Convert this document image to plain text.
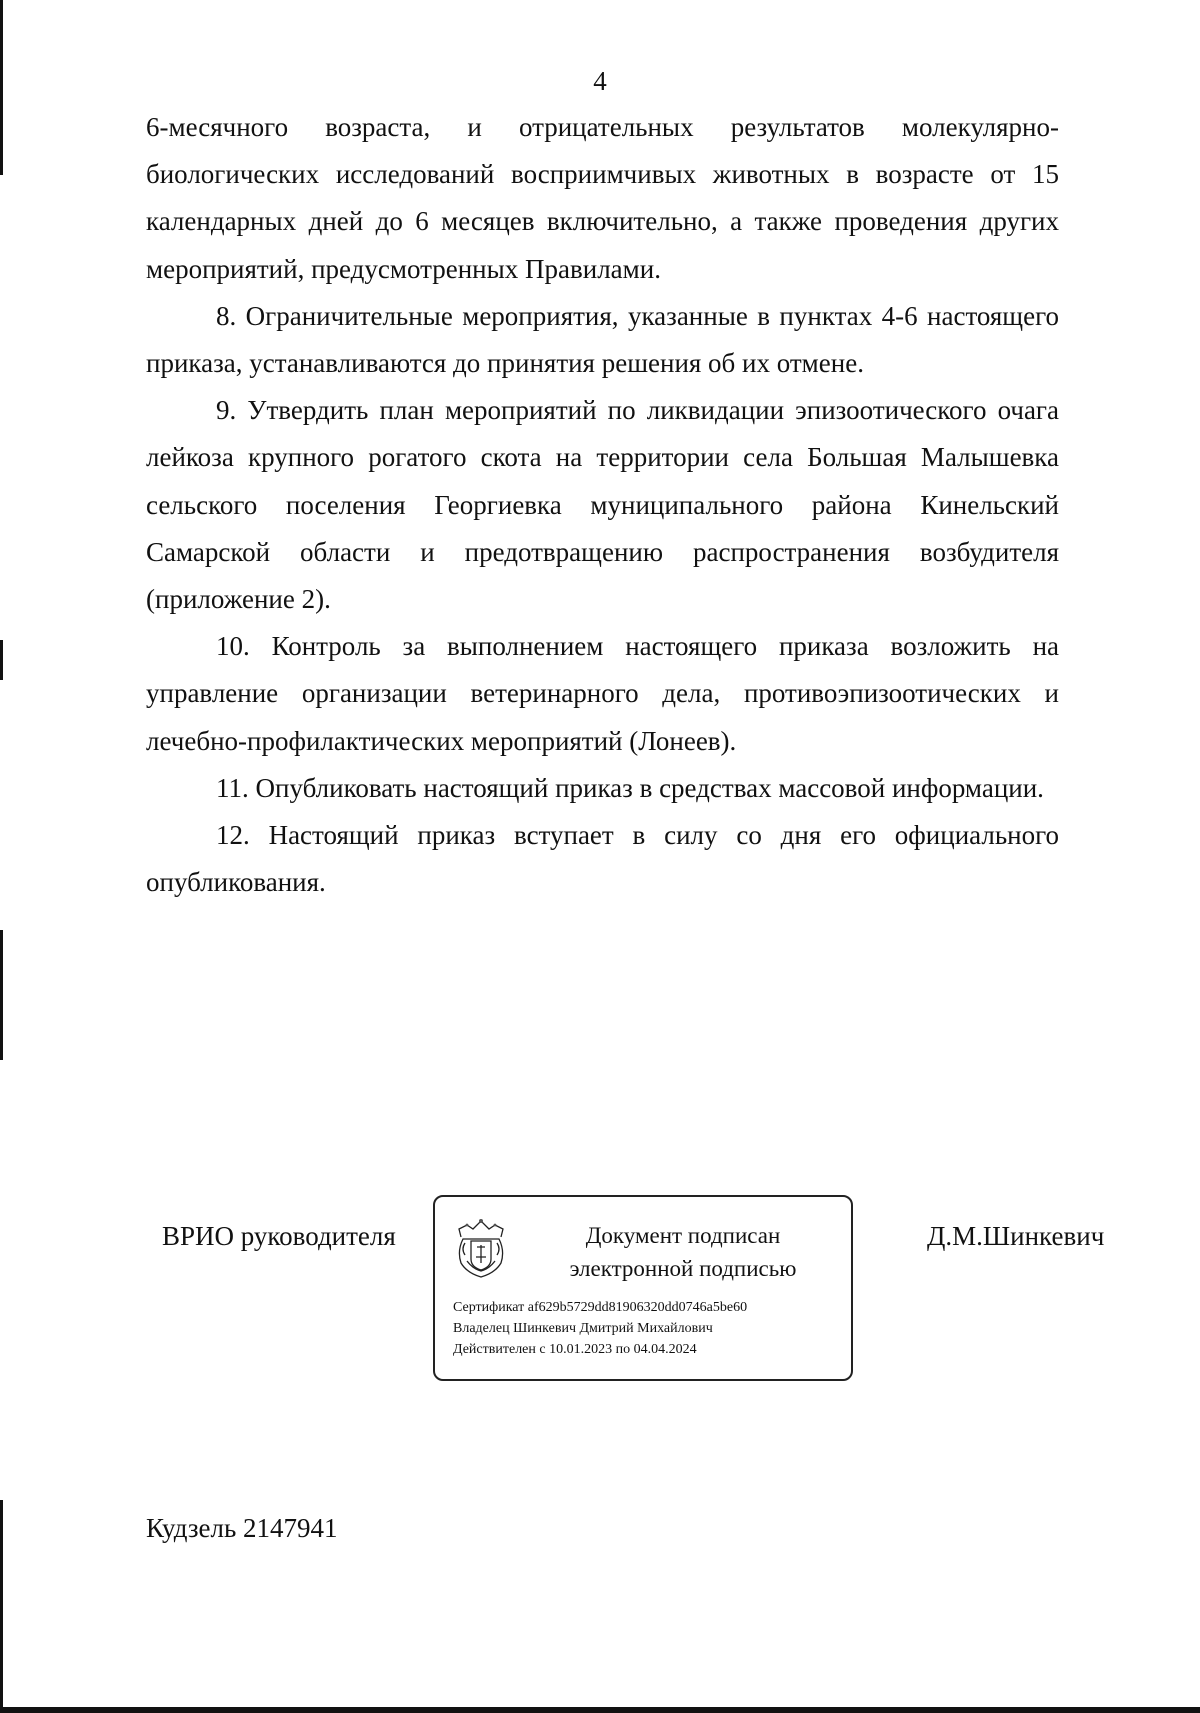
4

6-месячного возраста, и отрицательных результатов молекулярно-биологических исследований восприимчивых животных в возрасте от 15 календарных дней до 6 месяцев включительно, а также проведения других мероприятий, предусмотренных Правилами.

8. Ограничительные мероприятия, указанные в пунктах 4-6 настоящего приказа, устанавливаются до принятия решения об их отмене.

9. Утвердить план мероприятий по ликвидации эпизоотического очага лейкоза крупного рогатого скота на территории села Большая Малышевка сельского поселения Георгиевка муниципального района Кинельский Самарской области и предотвращению распространения возбудителя (приложение 2).

10. Контроль за выполнением настоящего приказа возложить на управление организации ветеринарного дела, противоэпизоотических и лечебно-профилактических мероприятий (Лонеев).

11. Опубликовать настоящий приказ в средствах массовой информации.

12. Настоящий приказ вступает в силу со дня его официального опубликования.

ВРИО руководителя	Документ подписан
электронной подписью
Сертификат af629b5729dd81906320dd0746a5be60
Владелец Шинкевич Дмитрий Михайлович
Действителен с 10.01.2023 по 04.04.2024
Д.М.Шинкевич
Кудзель 2147941
